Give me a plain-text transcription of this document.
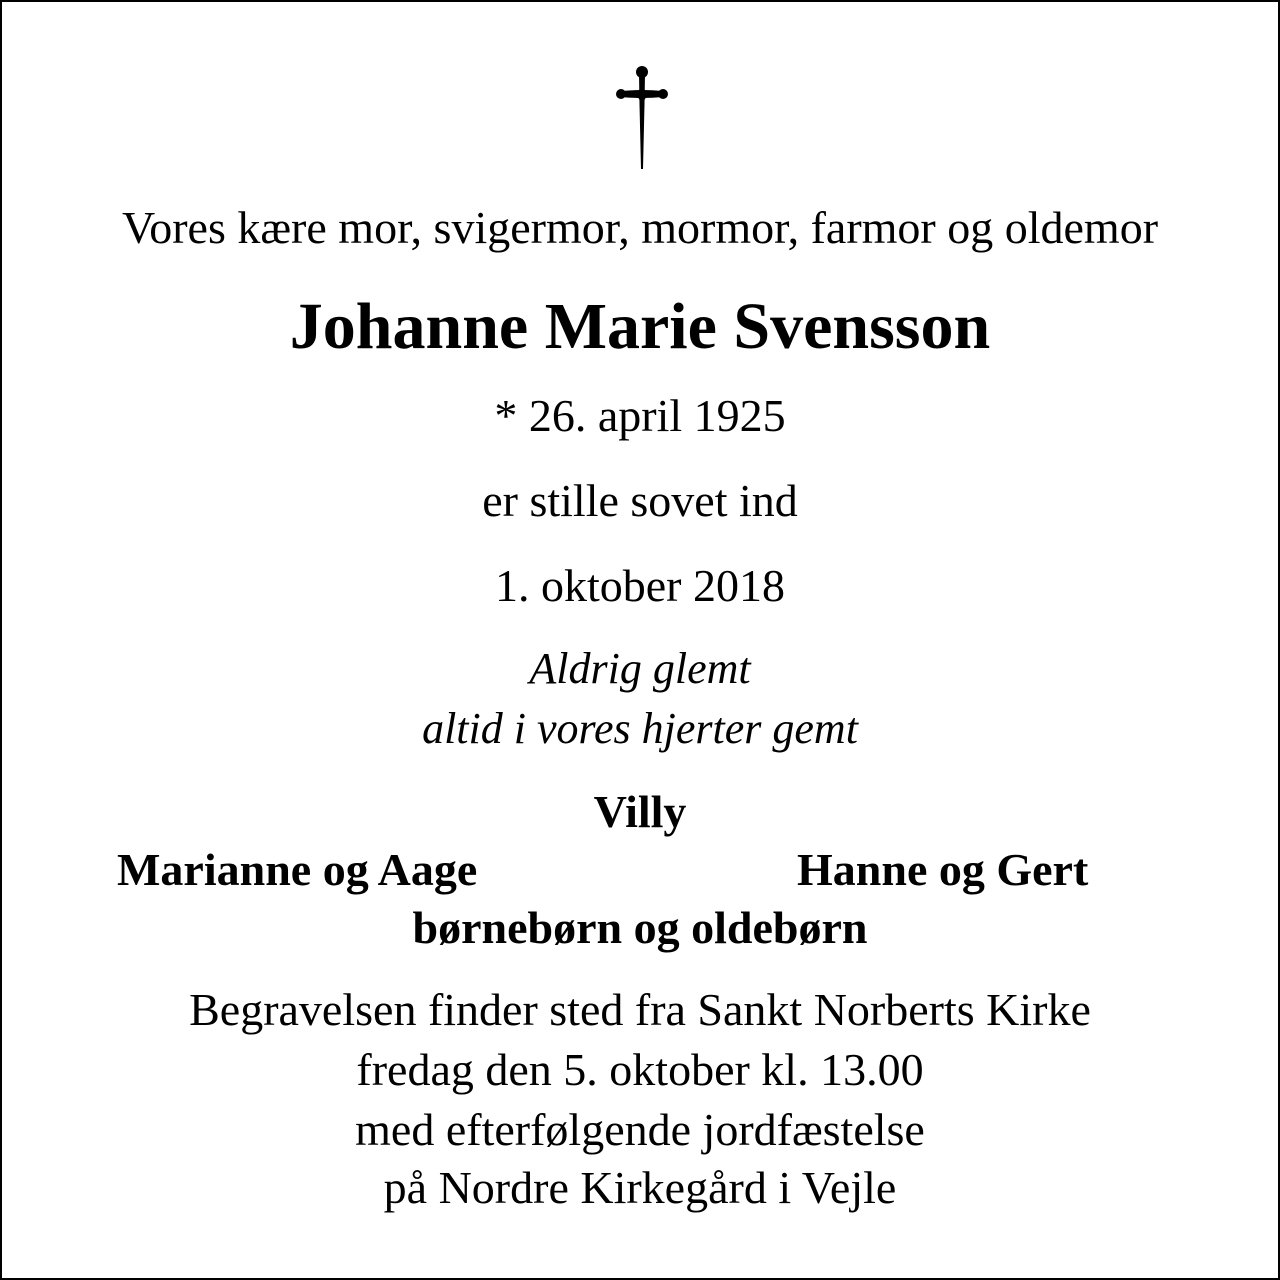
Vores kære mor, svigermor, mormor, farmor og oldemor
Johanne Marie Svensson
* 26. april 1925
er stille sovet ind
1. oktober 2018
Aldrig glemt
altid i vores hjerter gemt
Villy
Marianne og Aage	Hanne og Gert
børnebørn og oldebørn
Begravelsen finder sted fra Sankt Norberts Kirke
fredag den 5. oktober kl. 13.00
med efterfølgende jordfæstelse
på Nordre Kirkegård i Vejle
